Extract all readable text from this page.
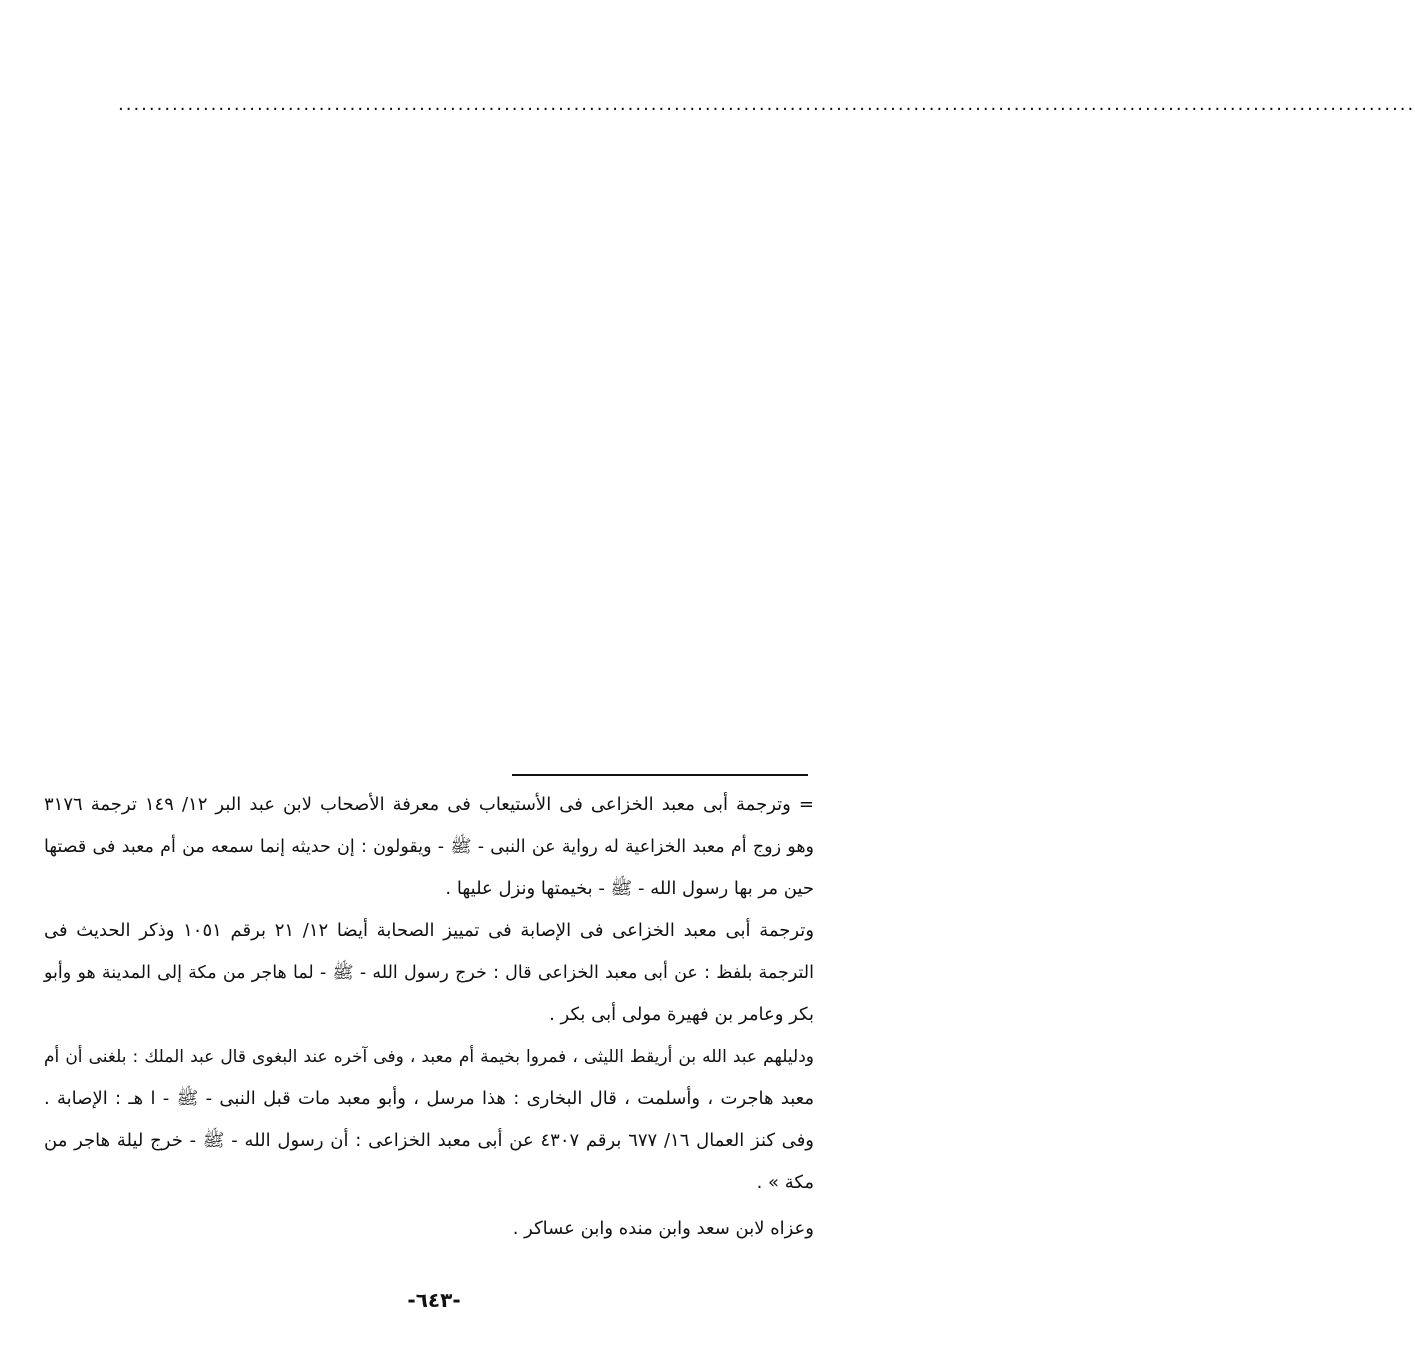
........................................................................................................................................................................
= وترجمة أبى معبد الخزاعى فى الأستيعاب فى معرفة الأصحاب لابن عبد البر ١٢/ ١٤٩ ترجمة ٣١٧٦
وهو زوج أم معبد الخزاعية له رواية عن النبى - ﷺ - ويقولون : إن حديثه إنما سمعه من أم معبد فى قصتها
حين مر بها رسول الله - ﷺ - بخيمتها ونزل عليها .
وترجمة أبى معبد الخزاعى فى الإصابة فى تمييز الصحابة أيضا ١٢/ ٢١ برقم ١٠٥١ وذكر الحديث فى
الترجمة بلفظ : عن أبى معبد الخزاعى قال : خرج رسول الله - ﷺ - لما هاجر من مكة إلى المدينة هو وأبو
بكر وعامر بن فهيرة مولى أبى بكر .
ودليلهم عبد الله بن أريقط الليثى ، فمروا بخيمة أم معبد ، وفى آخره عند البغوى قال عبد الملك : بلغنى أن أم
معبد هاجرت ، وأسلمت ، قال البخارى : هذا مرسل ، وأبو معبد مات قبل النبى - ﷺ - ا هـ : الإصابة .
وفى كنز العمال ١٦/ ٦٧٧ برقم ٤٣٠٧ عن أبى معبد الخزاعى : أن رسول الله - ﷺ - خرج ليلة هاجر من
مكة » .
وعزاه لابن سعد وابن منده وابن عساكر .
-٦٤٣-
